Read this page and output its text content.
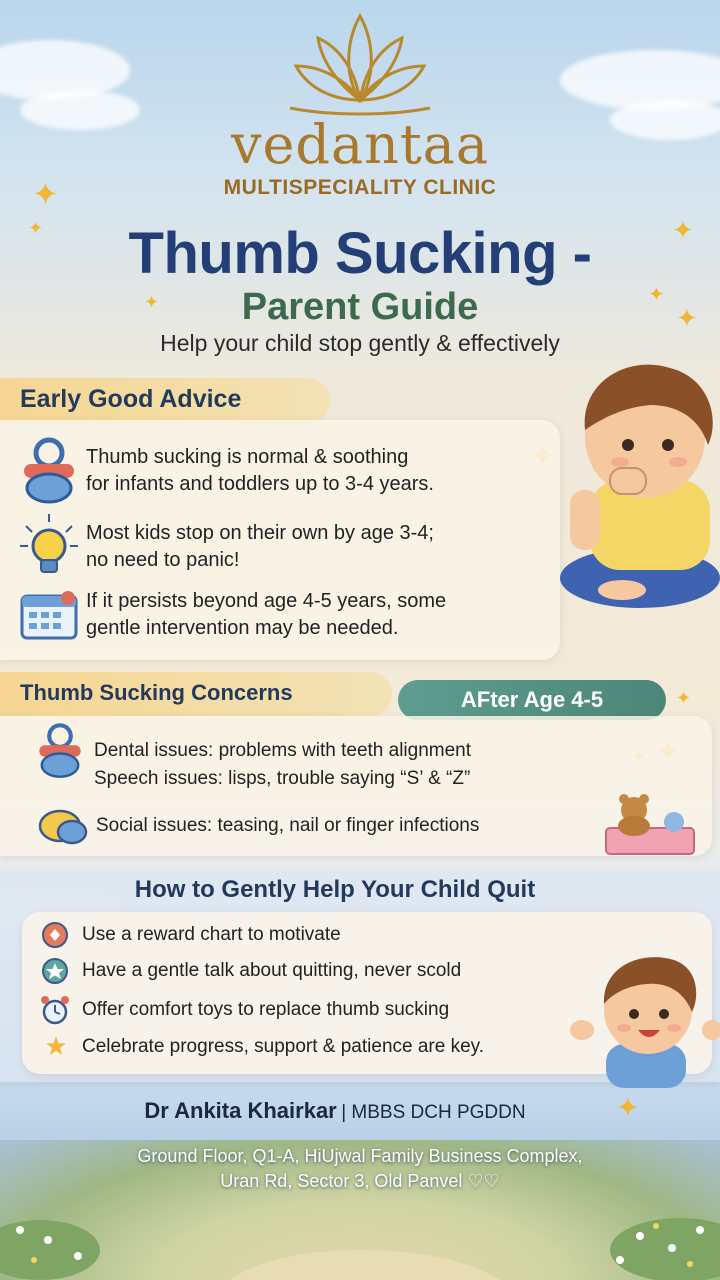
✦
✦	✦
✦
✦
✦
✦
✦
vedantaa
MULTISPECIALITY CLINIC
Thumb Sucking -
Parent Guide
Help your child stop gently & effectively
Early Good Advice
Thumb sucking is normal & soothing
for infants and toddlers up to 3-4 years.
Most kids stop on their own by age 3-4;
no need to panic!
If it persists beyond age 4-5 years, some
gentle intervention may be needed.
Thumb Sucking Concerns	AFter Age 4-5
Dental issues: problems with teeth alignment
Speech issues: lisps, trouble saying “S’ & “Z”
Social issues: teasing, nail or finger infections
How to Gently Help Your Child Quit
Use a reward chart to motivate
Have a gentle talk about quitting, never scold
Offer comfort toys to replace thumb sucking
★ Celebrate progress, support & patience are key.
Dr Ankita Khairkar | MBBS DCH PGDDN
Ground Floor, Q1-A, HiUjwal Family Business Complex,
Uran Rd, Sector 3, Old Panvel ♡♡
